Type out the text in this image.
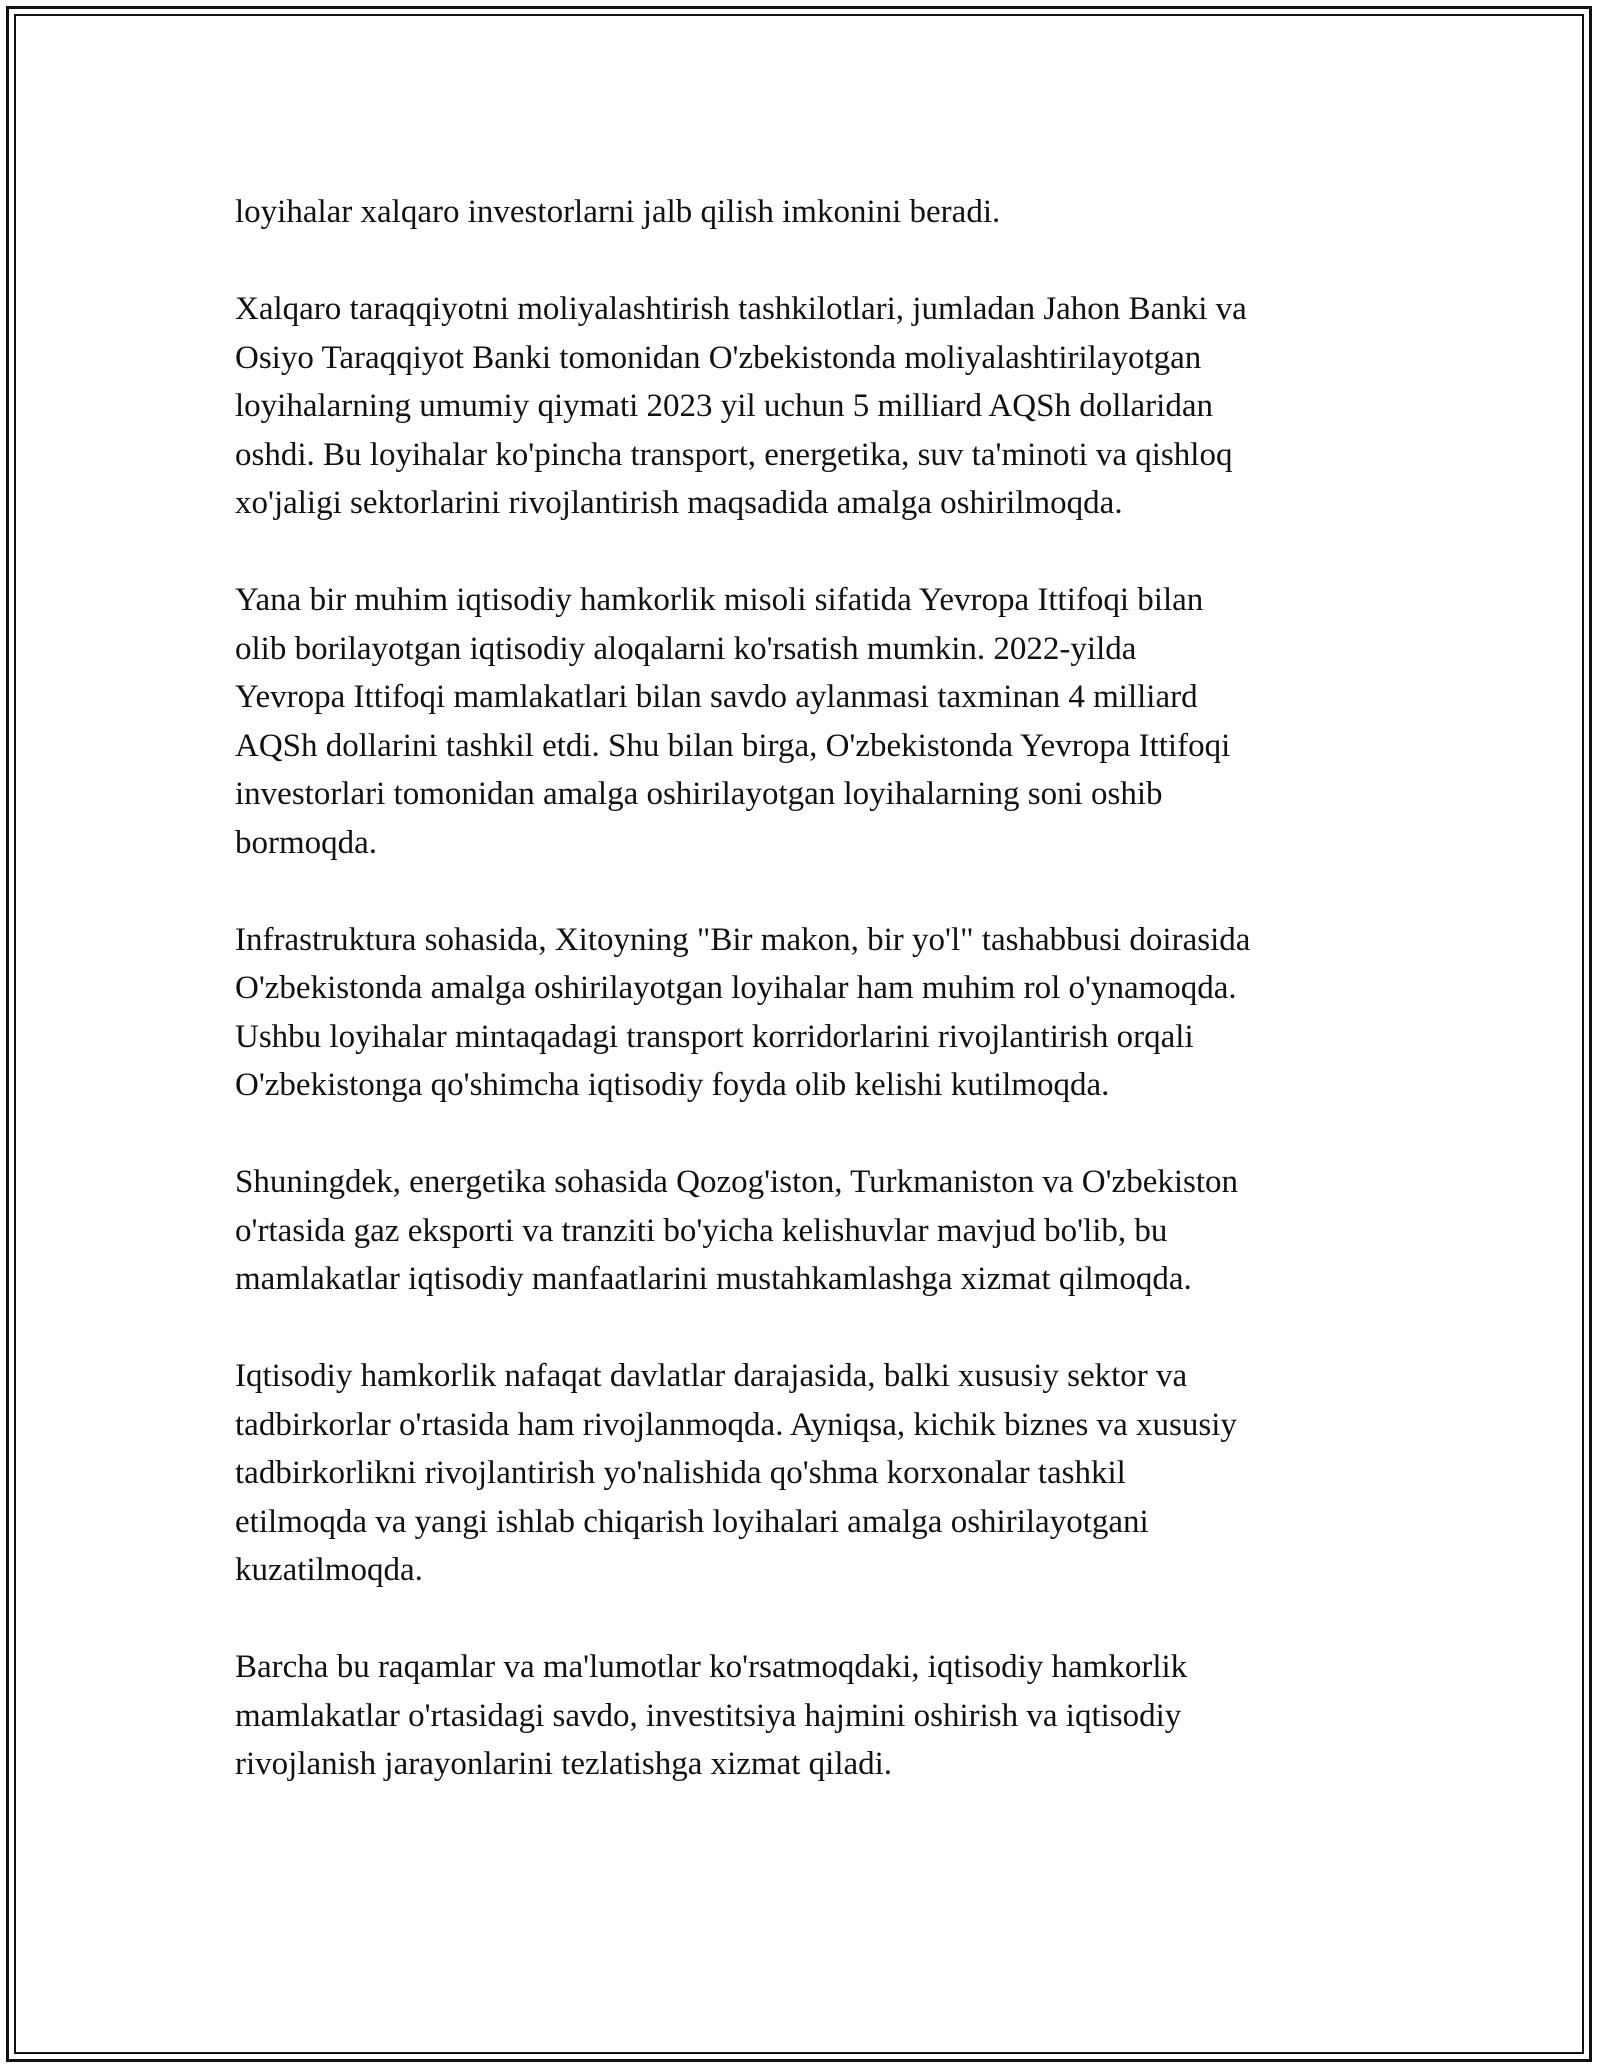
loyihalar xalqaro investorlarni jalb qilish imkonini beradi.

Xalqaro taraqqiyotni moliyalashtirish tashkilotlari, jumladan Jahon Banki va
Osiyo Taraqqiyot Banki tomonidan O'zbekistonda moliyalashtirilayotgan
loyihalarning umumiy qiymati 2023 yil uchun 5 milliard AQSh dollaridan
oshdi. Bu loyihalar ko'pincha transport, energetika, suv ta'minoti va qishloq
xo'jaligi sektorlarini rivojlantirish maqsadida amalga oshirilmoqda.

Yana bir muhim iqtisodiy hamkorlik misoli sifatida Yevropa Ittifoqi bilan
olib borilayotgan iqtisodiy aloqalarni ko'rsatish mumkin. 2022-yilda
Yevropa Ittifoqi mamlakatlari bilan savdo aylanmasi taxminan 4 milliard
AQSh dollarini tashkil etdi. Shu bilan birga, O'zbekistonda Yevropa Ittifoqi
investorlari tomonidan amalga oshirilayotgan loyihalarning soni oshib
bormoqda.

Infrastruktura sohasida, Xitoyning "Bir makon, bir yo'l" tashabbusi doirasida
O'zbekistonda amalga oshirilayotgan loyihalar ham muhim rol o'ynamoqda.
Ushbu loyihalar mintaqadagi transport korridorlarini rivojlantirish orqali
O'zbekistonga qo'shimcha iqtisodiy foyda olib kelishi kutilmoqda.

Shuningdek, energetika sohasida Qozog'iston, Turkmaniston va O'zbekiston
o'rtasida gaz eksporti va tranziti bo'yicha kelishuvlar mavjud bo'lib, bu
mamlakatlar iqtisodiy manfaatlarini mustahkamlashga xizmat qilmoqda.

Iqtisodiy hamkorlik nafaqat davlatlar darajasida, balki xususiy sektor va
tadbirkorlar o'rtasida ham rivojlanmoqda. Ayniqsa, kichik biznes va xususiy
tadbirkorlikni rivojlantirish yo'nalishida qo'shma korxonalar tashkil
etilmoqda va yangi ishlab chiqarish loyihalari amalga oshirilayotgani
kuzatilmoqda.

Barcha bu raqamlar va ma'lumotlar ko'rsatmoqdaki, iqtisodiy hamkorlik
mamlakatlar o'rtasidagi savdo, investitsiya hajmini oshirish va iqtisodiy
rivojlanish jarayonlarini tezlatishga xizmat qiladi.
